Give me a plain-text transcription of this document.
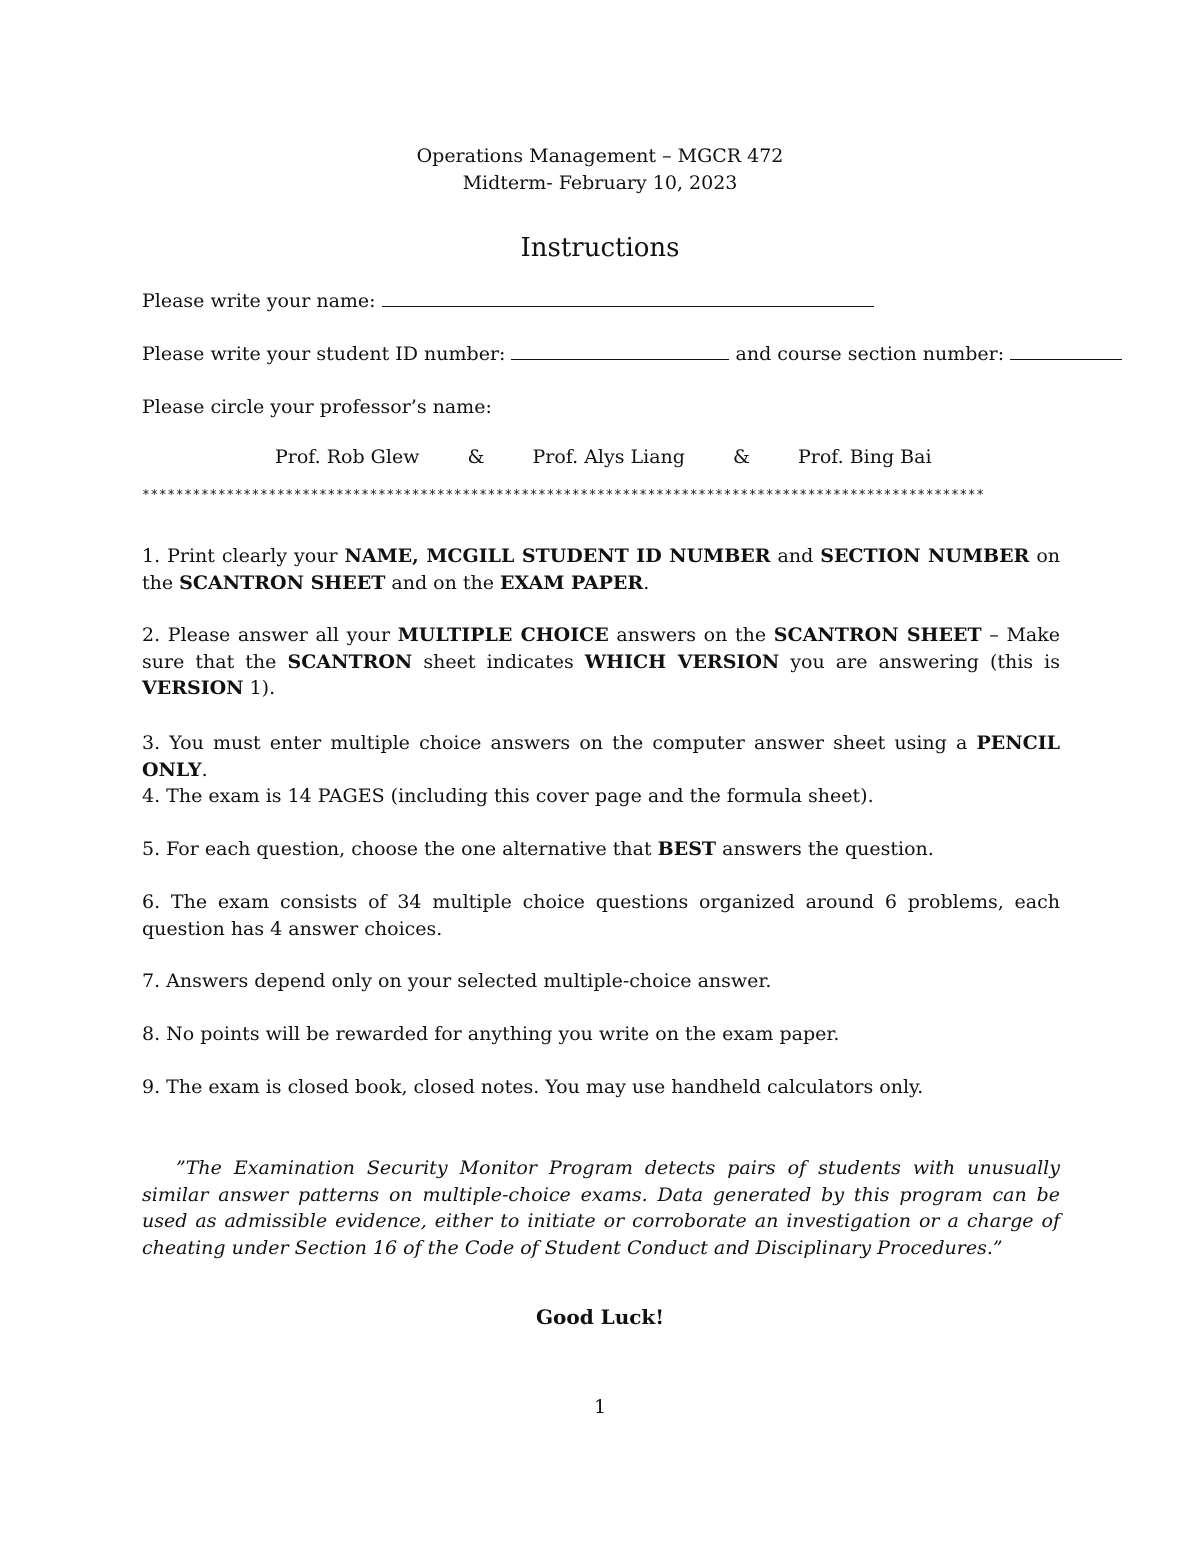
Operations Management – MGCR 472
Midterm- February 10, 2023
Instructions
Please write your name:
Please write your student ID number:	and course section number:
Please circle your professor’s name:
Prof. Rob Glew	&	Prof. Alys Liang	&	Prof. Bing Bai
****************************************************************************************************
1. Print clearly your NAME, MCGILL STUDENT ID NUMBER and SECTION NUMBER on the SCANTRON SHEET and on the EXAM PAPER.
2. Please answer all your MULTIPLE CHOICE answers on the SCANTRON SHEET – Make sure that the SCANTRON sheet indicates WHICH VERSION you are answering (this is VERSION 1).
3. You must enter multiple choice answers on the computer answer sheet using a PENCIL ONLY.
4. The exam is 14 PAGES (including this cover page and the formula sheet).
5. For each question, choose the one alternative that BEST answers the question.
6. The exam consists of 34 multiple choice questions organized around 6 problems, each question has 4 answer choices.
7. Answers depend only on your selected multiple-choice answer.
8. No points will be rewarded for anything you write on the exam paper.
9. The exam is closed book, closed notes. You may use handheld calculators only.
”The Examination Security Monitor Program detects pairs of students with unusually similar answer patterns on multiple-choice exams. Data generated by this program can be used as admissible evidence, either to initiate or corroborate an investigation or a charge of cheating under Section 16 of the Code of Student Conduct and Disciplinary Procedures.”
Good Luck!
1
